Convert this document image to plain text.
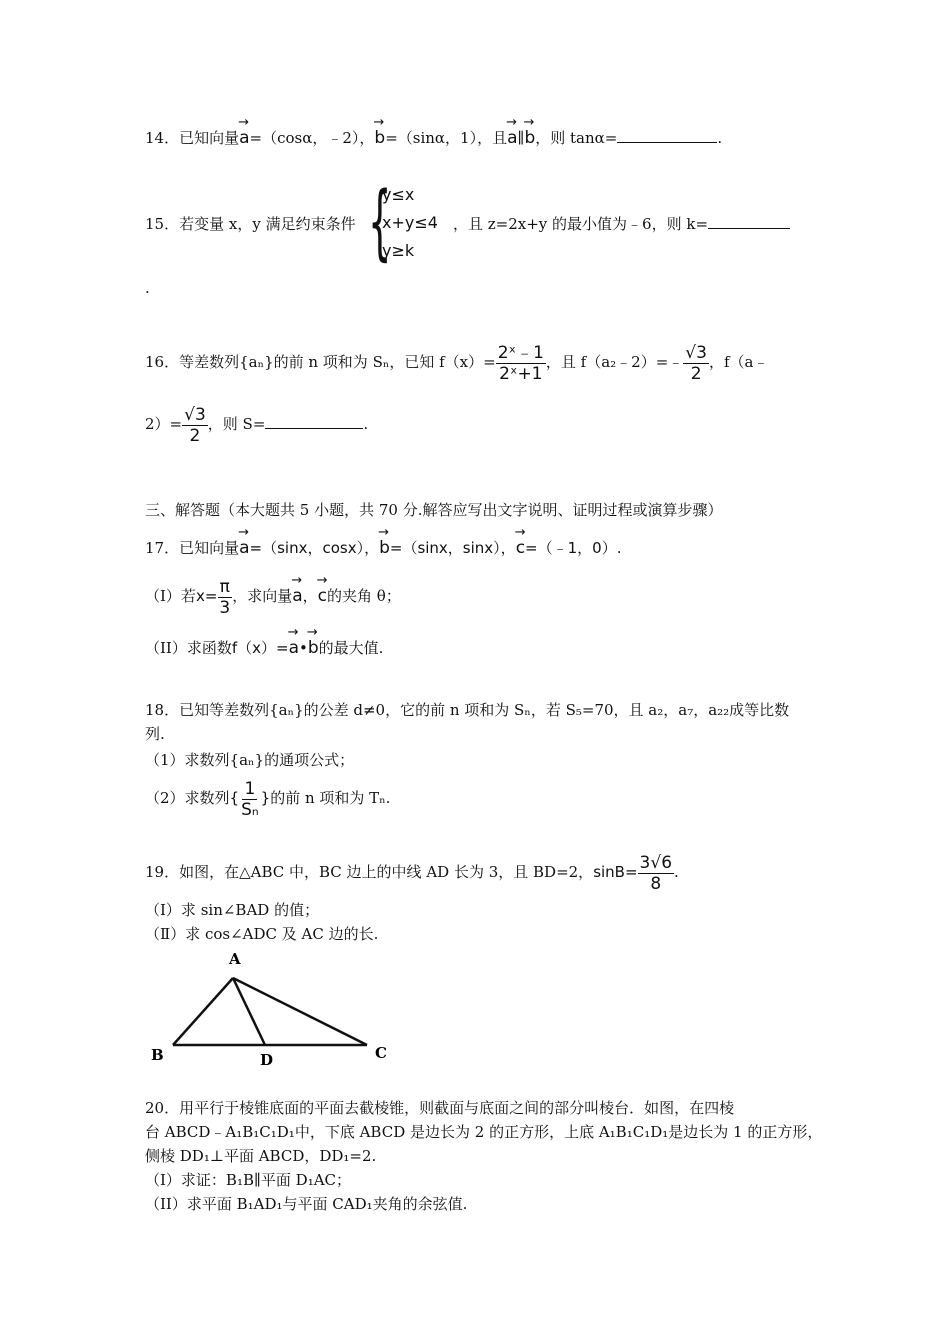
14．已知向量→ a=（cosα，﹣2），→ b=（sinα，1），且→ a∥→ b，则 tanα=	.
15．若变量 x，y 满足约束条件 {
y≤x
x+y≤4
y≥k
，且 z=2x+y 的最小值为﹣6，则 k=
.
16．等差数列{aₙ}的前 n 项和为 Sₙ，已知 $f(x)= \frac{\text{2ˣ﹣1}}{\text{2ˣ+1}}$ ，且 f（a₂﹣2）=﹣ $\frac{√3}{2}$ ，f（a﹣
$2)= \frac{√3}{2}$ ，则 S=	.
三、解答题（本大题共 5 小题，共 70 分.解答应写出文字说明、证明过程或演算步骤）
17．已知向量→ a=（sinx，cosx），→ b=（sinx，sinx），→ c=（﹣1，0）.
（Ⅰ）若$x= \frac{\pi}{3}$ ，求向量→ a，→ c的夹角 θ；
（II）求函数f（x）=→ a•→ b的最大值.
18．已知等差数列{aₙ}的公差 d≠0，它的前 n 项和为 Sₙ，若 S₅=70，且 a₂，a₇，a₂₂成等比数
列.
（1）求数列{aₙ}的通项公式；
（2）求数列{ $\frac{1}{\text{Sₙ}}$ }的前 n 项和为 Tₙ.
19．如图，在△ABC 中，BC 边上的中线 AD 长为 3，且 BD=2，$\sin B= \frac{3√6}{8}$ .
（Ⅰ）求 sin∠BAD 的值；
（Ⅱ）求 cos∠ADC 及 AC 边的长.
A
B	D	C
20．用平行于棱锥底面的平面去截棱锥，则截面与底面之间的部分叫棱台．如图，在四棱
台 ABCD﹣A₁B₁C₁D₁中，下底 ABCD 是边长为 2 的正方形，上底 A₁B₁C₁D₁是边长为 1 的正方形，
侧棱 DD₁⊥平面 ABCD，DD₁=2.
（Ⅰ）求证：B₁B∥平面 D₁AC；
（II）求平面 B₁AD₁与平面 CAD₁夹角的余弦值.
